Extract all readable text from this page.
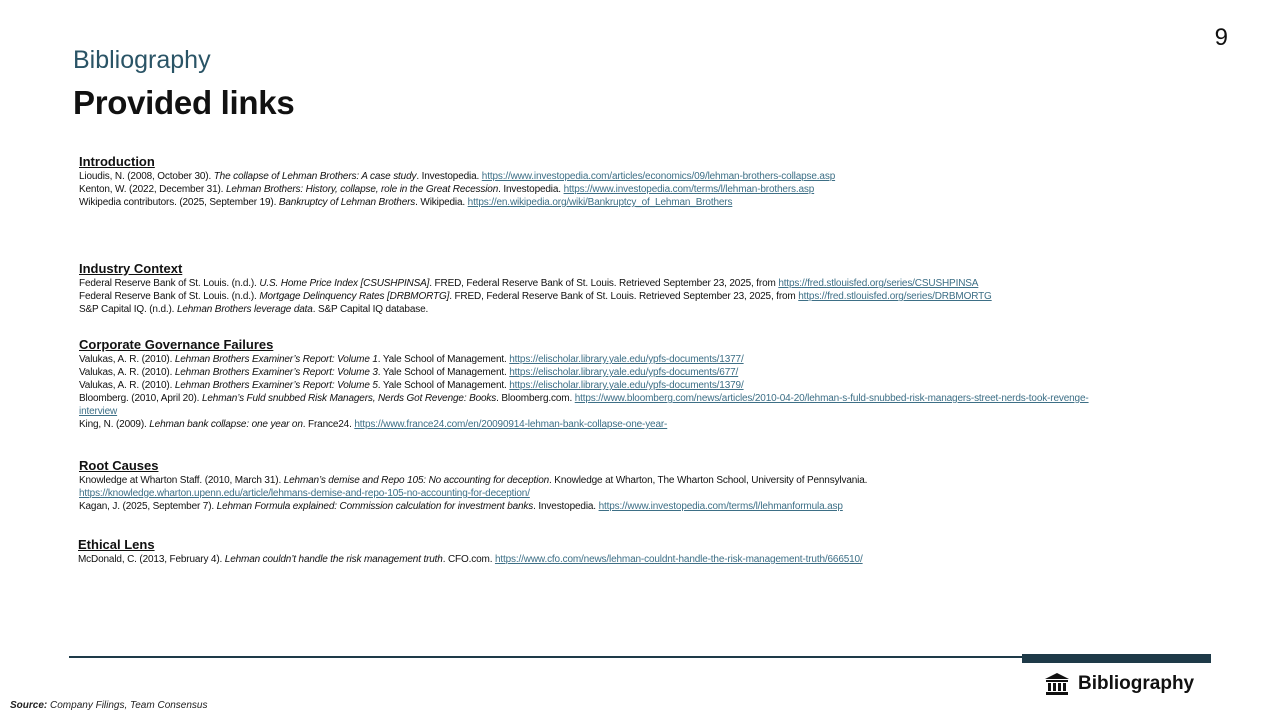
9
Bibliography
Provided links
Introduction
Lioudis, N. (2008, October 30). The collapse of Lehman Brothers: A case study. Investopedia. https://www.investopedia.com/articles/economics/09/lehman-brothers-collapse.asp
Kenton, W. (2022, December 31). Lehman Brothers: History, collapse, role in the Great Recession. Investopedia. https://www.investopedia.com/terms/l/lehman-brothers.asp
Wikipedia contributors. (2025, September 19). Bankruptcy of Lehman Brothers. Wikipedia. https://en.wikipedia.org/wiki/Bankruptcy_of_Lehman_Brothers
Industry Context
Federal Reserve Bank of St. Louis. (n.d.). U.S. Home Price Index [CSUSHPINSA]. FRED, Federal Reserve Bank of St. Louis. Retrieved September 23, 2025, from https://fred.stlouisfed.org/series/CSUSHPINSA
Federal Reserve Bank of St. Louis. (n.d.). Mortgage Delinquency Rates [DRBMORTG]. FRED, Federal Reserve Bank of St. Louis. Retrieved September 23, 2025, from https://fred.stlouisfed.org/series/DRBMORTG
S&P Capital IQ. (n.d.). Lehman Brothers leverage data. S&P Capital IQ database.
Corporate Governance Failures
Valukas, A. R. (2010). Lehman Brothers Examiner’s Report: Volume 1. Yale School of Management. https://elischolar.library.yale.edu/ypfs-documents/1377/
Valukas, A. R. (2010). Lehman Brothers Examiner’s Report: Volume 3. Yale School of Management. https://elischolar.library.yale.edu/ypfs-documents/677/
Valukas, A. R. (2010). Lehman Brothers Examiner’s Report: Volume 5. Yale School of Management. https://elischolar.library.yale.edu/ypfs-documents/1379/
Bloomberg. (2010, April 20). Lehman’s Fuld snubbed Risk Managers, Nerds Got Revenge: Books. Bloomberg.com. https://www.bloomberg.com/news/articles/2010-04-20/lehman-s-fuld-snubbed-risk-managers-street-nerds-took-revenge-interview
King, N. (2009). Lehman bank collapse: one year on. France24. https://www.france24.com/en/20090914-lehman-bank-collapse-one-year-
Root Causes
Knowledge at Wharton Staff. (2010, March 31). Lehman’s demise and Repo 105: No accounting for deception. Knowledge at Wharton, The Wharton School, University of Pennsylvania. https://knowledge.wharton.upenn.edu/article/lehmans-demise-and-repo-105-no-accounting-for-deception/
Kagan, J. (2025, September 7). Lehman Formula explained: Commission calculation for investment banks. Investopedia. https://www.investopedia.com/terms/l/lehmanformula.asp
Ethical Lens
McDonald, C. (2013, February 4). Lehman couldn’t handle the risk management truth. CFO.com. https://www.cfo.com/news/lehman-couldnt-handle-the-risk-management-truth/666510/
Bibliography
Source: Company Filings, Team Consensus
